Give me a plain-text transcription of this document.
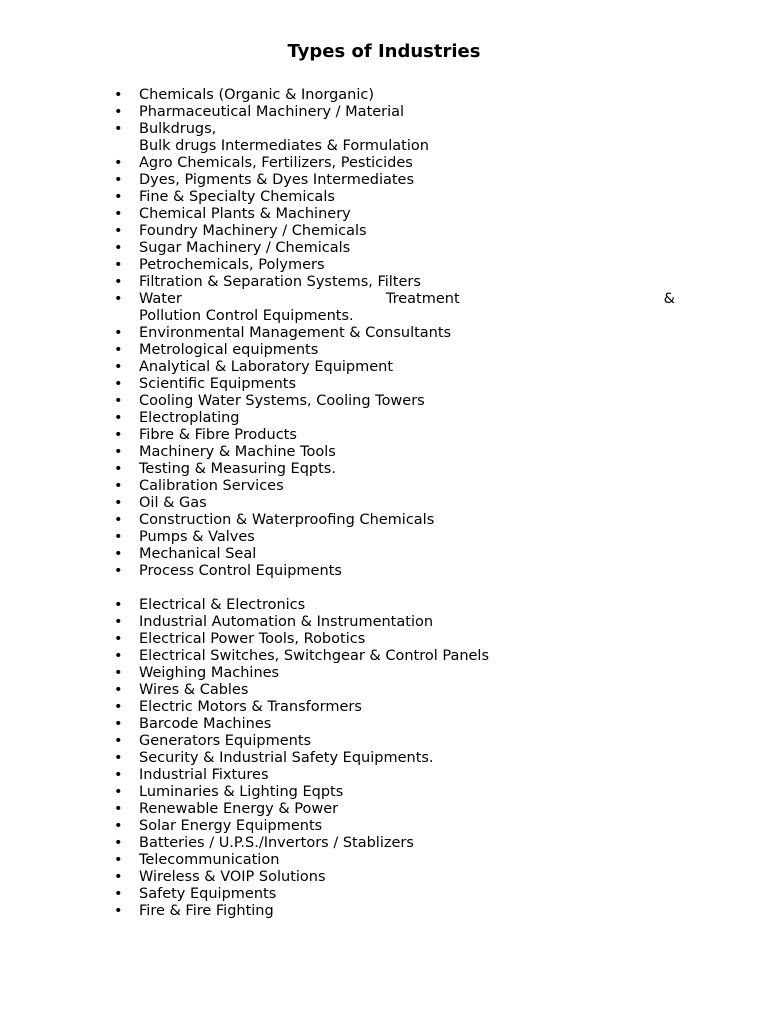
Types of Industries
•	Chemicals (Organic & Inorganic)
•	Pharmaceutical Machinery / Material
•	Bulkdrugs,
Bulk drugs Intermediates & Formulation
•	Agro Chemicals, Fertilizers, Pesticides
•	Dyes, Pigments & Dyes Intermediates
•	Fine & Specialty Chemicals
•	Chemical Plants & Machinery
•	Foundry Machinery / Chemicals
•	Sugar Machinery / Chemicals
•	Petrochemicals, Polymers
•	Filtration & Separation Systems, Filters
•	Water	Treatment	&
Pollution Control Equipments.
•	Environmental Management & Consultants
•	Metrological equipments
•	Analytical & Laboratory Equipment
•	Scientific Equipments
•	Cooling Water Systems, Cooling Towers
•	Electroplating
•	Fibre & Fibre Products
•	Machinery & Machine Tools
•	Testing & Measuring Eqpts.
•	Calibration Services
•	Oil & Gas
•	Construction & Waterproofing Chemicals
•	Pumps & Valves
•	Mechanical Seal
•	Process Control Equipments
•	Electrical & Electronics
•	Industrial Automation & Instrumentation
•	Electrical Power Tools, Robotics
•	Electrical Switches, Switchgear & Control Panels
•	Weighing Machines
•	Wires & Cables
•	Electric Motors & Transformers
•	Barcode Machines
•	Generators Equipments
•	Security & Industrial Safety Equipments.
•	Industrial Fixtures
•	Luminaries & Lighting Eqpts
•	Renewable Energy & Power
•	Solar Energy Equipments
•	Batteries / U.P.S./Invertors / Stablizers
•	Telecommunication
•	Wireless & VOIP Solutions
•	Safety Equipments
•	Fire & Fire Fighting
